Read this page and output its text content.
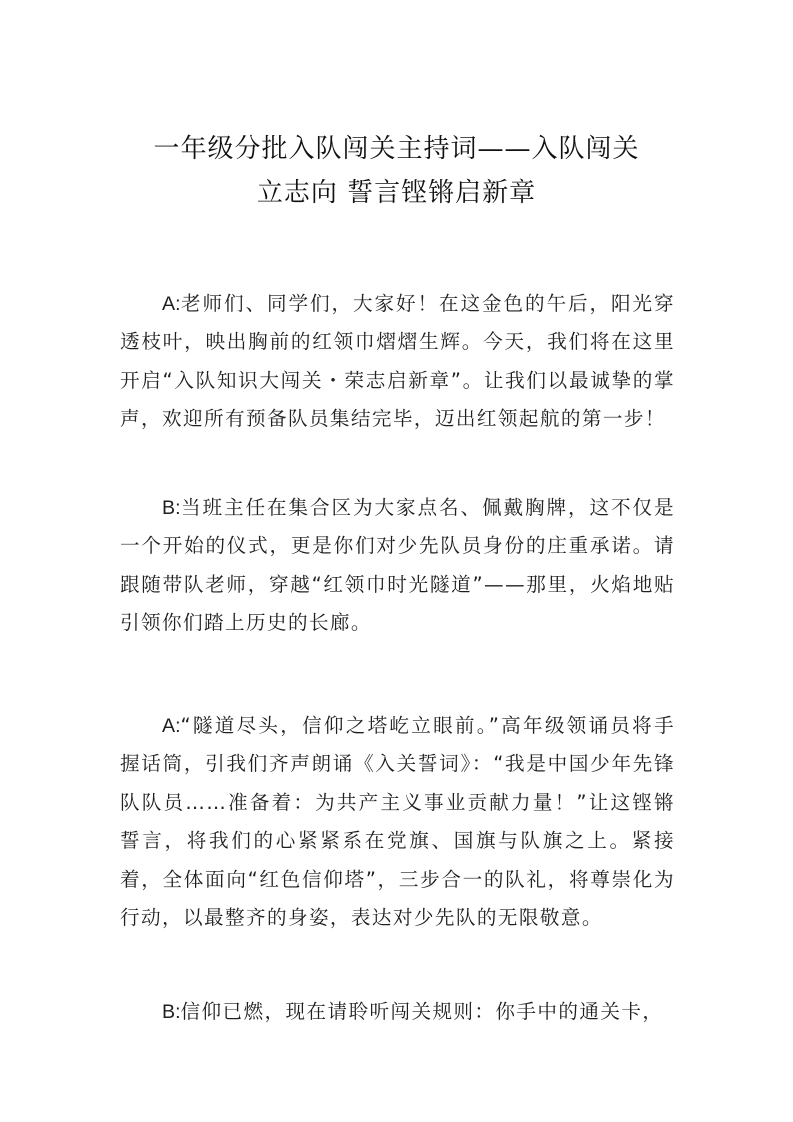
一年级分批入队闯关主持词——入队闯关
立志向 誓言铿锵启新章

A:老师们、同学们，大家好！在这金色的午后，阳光穿透枝叶，映出胸前的红领巾熠熠生辉。今天，我们将在这里开启“入队知识大闯关・荣志启新章”。让我们以最诚挚的掌声，欢迎所有预备队员集结完毕，迈出红领起航的第一步！

B:当班主任在集合区为大家点名、佩戴胸牌，这不仅是一个开始的仪式，更是你们对少先队员身份的庄重承诺。请跟随带队老师，穿越“红领巾时光隧道”——那里，火焰地贴引领你们踏上历史的长廊。

A:“隧道尽头，信仰之塔屹立眼前。”高年级领诵员将手握话筒，引我们齐声朗诵《入关誓词》：“我是中国少年先锋队队员……准备着：为共产主义事业贡献力量！”让这铿锵誓言，将我们的心紧紧系在党旗、国旗与队旗之上。紧接着，全体面向“红色信仰塔”，三步合一的队礼，将尊崇化为行动，以最整齐的身姿，表达对少先队的无限敬意。

B:信仰已燃，现在请聆听闯关规则：你手中的通关卡，
